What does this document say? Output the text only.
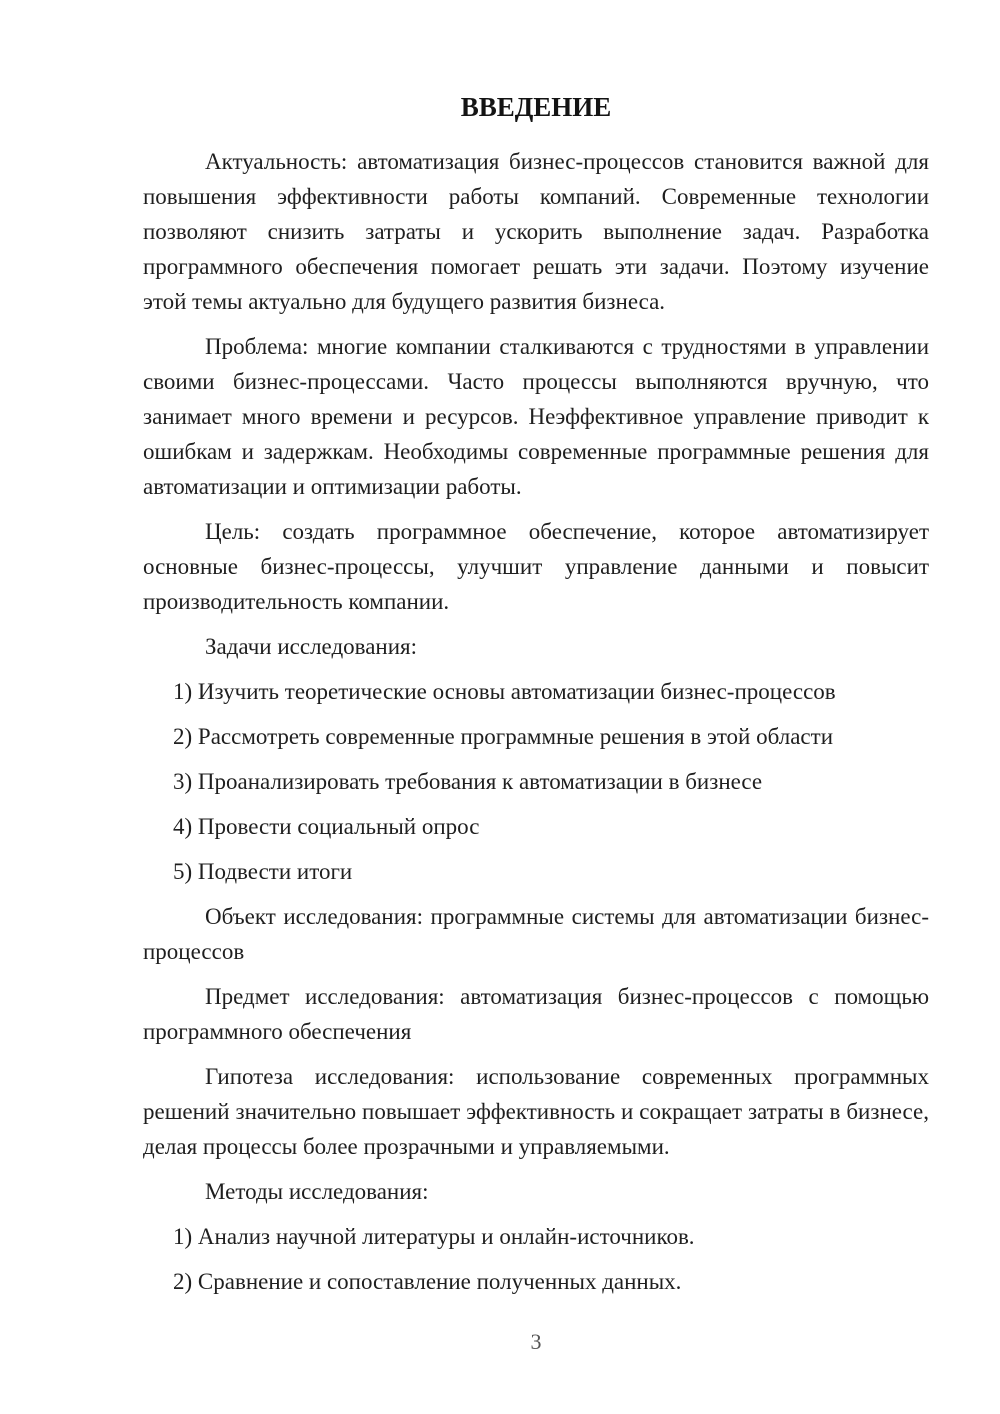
ВВЕДЕНИЕ

Актуальность: автоматизация бизнес-процессов становится важной для повышения эффективности работы компаний. Современные технологии позволяют снизить затраты и ускорить выполнение задач. Разработка программного обеспечения помогает решать эти задачи. Поэтому изучение этой темы актуально для будущего развития бизнеса.

Проблема: многие компании сталкиваются с трудностями в управлении своими бизнес-процессами. Часто процессы выполняются вручную, что занимает много времени и ресурсов. Неэффективное управление приводит к ошибкам и задержкам. Необходимы современные программные решения для автоматизации и оптимизации работы.

Цель: создать программное обеспечение, которое автоматизирует основные бизнес-процессы, улучшит управление данными и повысит производительность компании.

Задачи исследования:

1) Изучить теоретические основы автоматизации бизнес-процессов

2) Рассмотреть современные программные решения в этой области

3) Проанализировать требования к автоматизации в бизнесе

4) Провести социальный опрос

5) Подвести итоги

Объект исследования: программные системы для автоматизации бизнес-процессов

Предмет исследования: автоматизация бизнес-процессов с помощью программного обеспечения

Гипотеза исследования: использование современных программных решений значительно повышает эффективность и сокращает затраты в бизнесе, делая процессы более прозрачными и управляемыми.

Методы исследования:

1) Анализ научной литературы и онлайн-источников.

2) Сравнение и сопоставление полученных данных.

3
